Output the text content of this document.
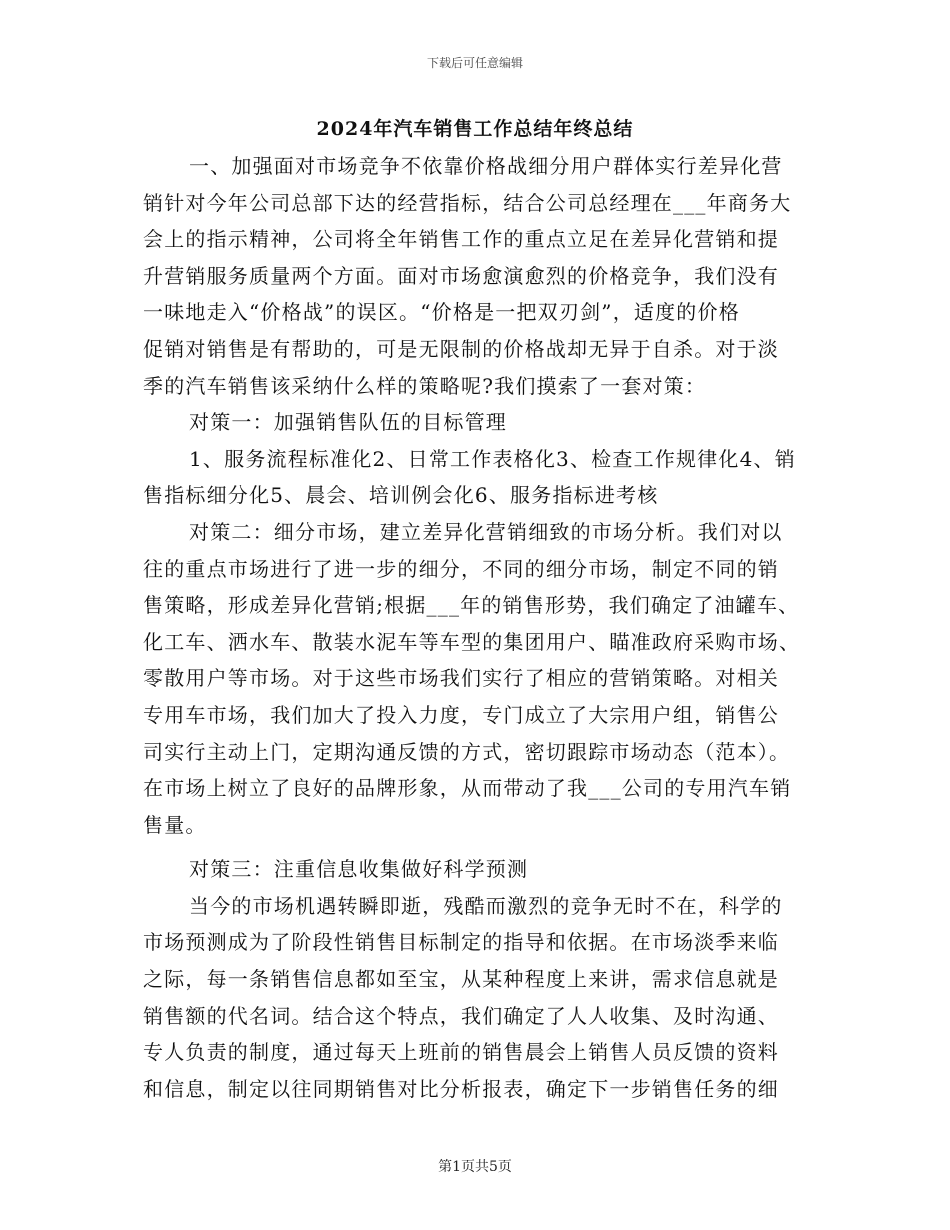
下载后可任意编辑
2024年汽车销售工作总结年终总结
一、加强面对市场竞争不依靠价格战细分用户群体实行差异化营
销针对今年公司总部下达的经营指标，结合公司总经理在___年商务大
会上的指示精神，公司将全年销售工作的重点立足在差异化营销和提
升营销服务质量两个方面。面对市场愈演愈烈的价格竞争，我们没有
一味地走入“价格战”的误区。“价格是一把双刃剑”，适度的价格
促销对销售是有帮助的，可是无限制的价格战却无异于自杀。对于淡
季的汽车销售该采纳什么样的策略呢?我们摸索了一套对策：
对策一：加强销售队伍的目标管理
1、服务流程标准化2、日常工作表格化3、检查工作规律化4、销
售指标细分化5、晨会、培训例会化6、服务指标进考核
对策二：细分市场，建立差异化营销细致的市场分析。我们对以
往的重点市场进行了进一步的细分，不同的细分市场，制定不同的销
售策略，形成差异化营销;根据___年的销售形势，我们确定了油罐车、
化工车、洒水车、散装水泥车等车型的集团用户、瞄准政府采购市场、
零散用户等市场。对于这些市场我们实行了相应的营销策略。对相关
专用车市场，我们加大了投入力度，专门成立了大宗用户组，销售公
司实行主动上门，定期沟通反馈的方式，密切跟踪市场动态（范本）。
在市场上树立了良好的品牌形象，从而带动了我___公司的专用汽车销
售量。
对策三：注重信息收集做好科学预测
当今的市场机遇转瞬即逝，残酷而激烈的竞争无时不在，科学的
市场预测成为了阶段性销售目标制定的指导和依据。在市场淡季来临
之际，每一条销售信息都如至宝，从某种程度上来讲，需求信息就是
销售额的代名词。结合这个特点，我们确定了人人收集、及时沟通、
专人负责的制度，通过每天上班前的销售晨会上销售人员反馈的资料
和信息，制定以往同期销售对比分析报表，确定下一步销售任务的细
第1页共5页
